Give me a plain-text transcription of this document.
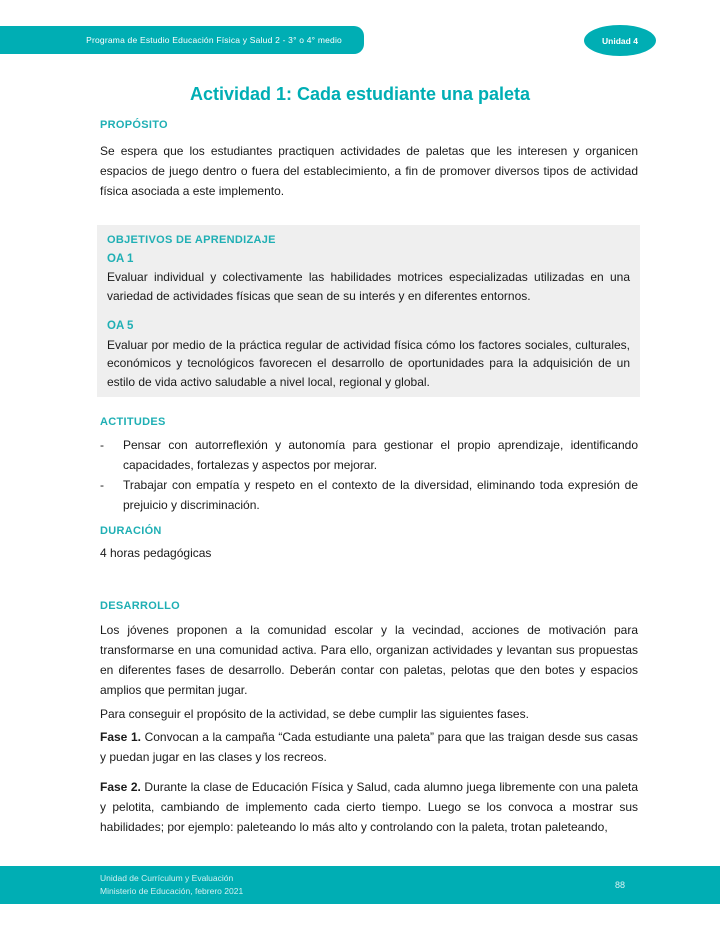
Programa de Estudio Educación Física y Salud 2 - 3° o 4° medio	Unidad 4
Actividad 1: Cada estudiante una paleta
PROPÓSITO

Se espera que los estudiantes practiquen actividades de paletas que les interesen y organicen espacios de juego dentro o fuera del establecimiento, a fin de promover diversos tipos de actividad física asociada a este implemento.

OBJETIVOS DE APRENDIZAJE
OA 1
Evaluar individual y colectivamente las habilidades motrices especializadas utilizadas en una variedad de actividades físicas que sean de su interés y en diferentes entornos.
OA 5
Evaluar por medio de la práctica regular de actividad física cómo los factores sociales, culturales, económicos y tecnológicos favorecen el desarrollo de oportunidades para la adquisición de un estilo de vida activo saludable a nivel local, regional y global.
ACTITUDES
-	Pensar con autorreflexión y autonomía para gestionar el propio aprendizaje, identificando capacidades, fortalezas y aspectos por mejorar.
-	Trabajar con empatía y respeto en el contexto de la diversidad, eliminando toda expresión de prejuicio y discriminación.
DURACIÓN

4 horas pedagógicas

DESARROLLO

Los jóvenes proponen a la comunidad escolar y la vecindad, acciones de motivación para transformarse en una comunidad activa. Para ello, organizan actividades y levantan sus propuestas en diferentes fases de desarrollo. Deberán contar con paletas, pelotas que den botes y espacios amplios que permitan jugar.

Para conseguir el propósito de la actividad, se debe cumplir las siguientes fases.

Fase 1. Convocan a la campaña “Cada estudiante una paleta” para que las traigan desde sus casas y puedan jugar en las clases y los recreos.

Fase 2. Durante la clase de Educación Física y Salud, cada alumno juega libremente con una paleta y pelotita, cambiando de implemento cada cierto tiempo. Luego se los convoca a mostrar sus habilidades; por ejemplo: paleteando lo más alto y controlando con la paleta, trotan paleteando,

Unidad de Currículum y Evaluación
Ministerio de Educación, febrero 2021
88
